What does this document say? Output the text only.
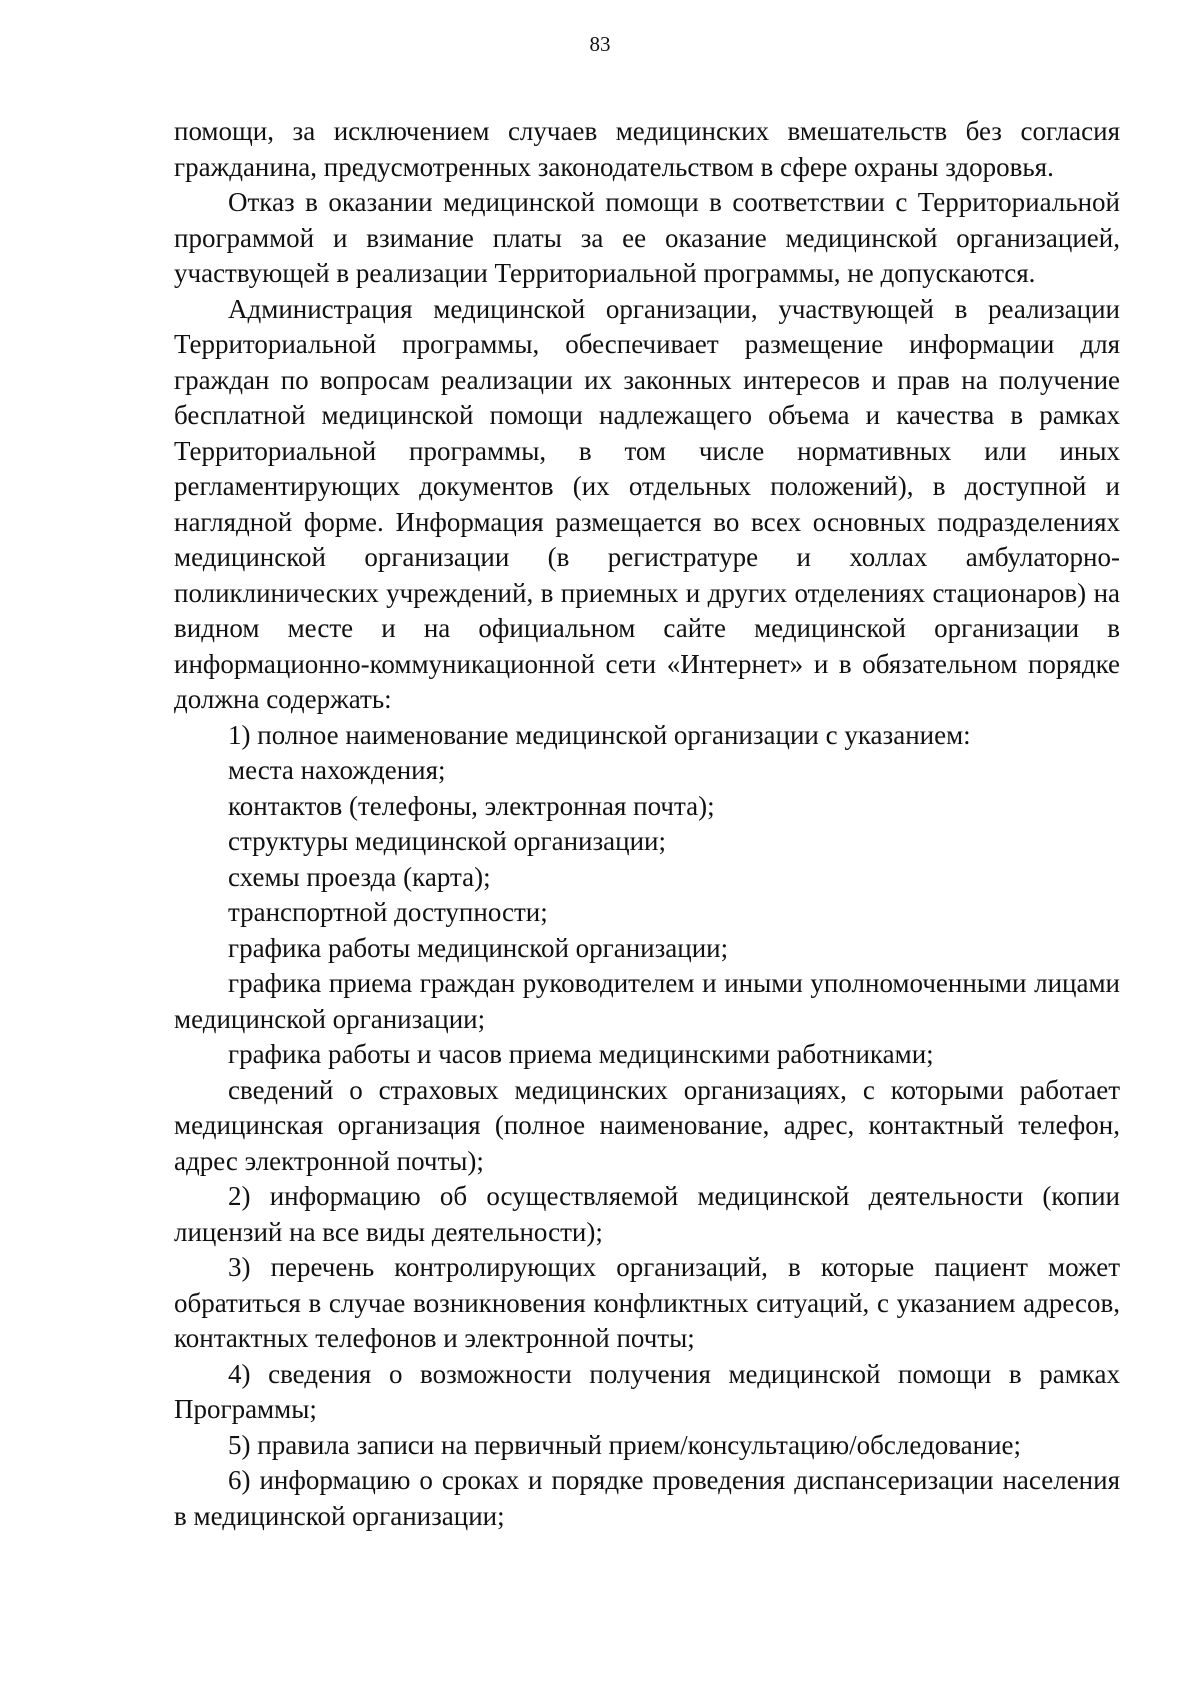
83

помощи, за исключением случаев медицинских вмешательств без согласия гражданина, предусмотренных законодательством в сфере охраны здоровья.

Отказ в оказании медицинской помощи в соответствии с Территориальной программой и взимание платы за ее оказание медицинской организацией, участвующей в реализации Территориальной программы, не допускаются.

Администрация медицинской организации, участвующей в реализации Территориальной программы, обеспечивает размещение информации для граждан по вопросам реализации их законных интересов и прав на получение бесплатной медицинской помощи надлежащего объема и качества в рамках Территориальной программы, в том числе нормативных или иных регламентирующих документов (их отдельных положений), в доступной и наглядной форме. Информация размещается во всех основных подразделениях медицинской организации (в регистратуре и холлах амбулаторно-поликлинических учреждений, в приемных и других отделениях стационаров) на видном месте и на официальном сайте медицинской организации в информационно-коммуникационной сети «Интернет» и в обязательном порядке должна содержать:

1) полное наименование медицинской организации с указанием:

места нахождения;

контактов (телефоны, электронная почта);

структуры медицинской организации;

схемы проезда (карта);

транспортной доступности;

графика работы медицинской организации;

графика приема граждан руководителем и иными уполномоченными лицами медицинской организации;

графика работы и часов приема медицинскими работниками;

сведений о страховых медицинских организациях, с которыми работает медицинская организация (полное наименование, адрес, контактный телефон, адрес электронной почты);

2) информацию об осуществляемой медицинской деятельности (копии лицензий на все виды деятельности);

3) перечень контролирующих организаций, в которые пациент может обратиться в случае возникновения конфликтных ситуаций, с указанием адресов, контактных телефонов и электронной почты;

4) сведения о возможности получения медицинской помощи в рамках Программы;

5) правила записи на первичный прием/консультацию/обследование;

6) информацию о сроках и порядке проведения диспансеризации населения в медицинской организации;
